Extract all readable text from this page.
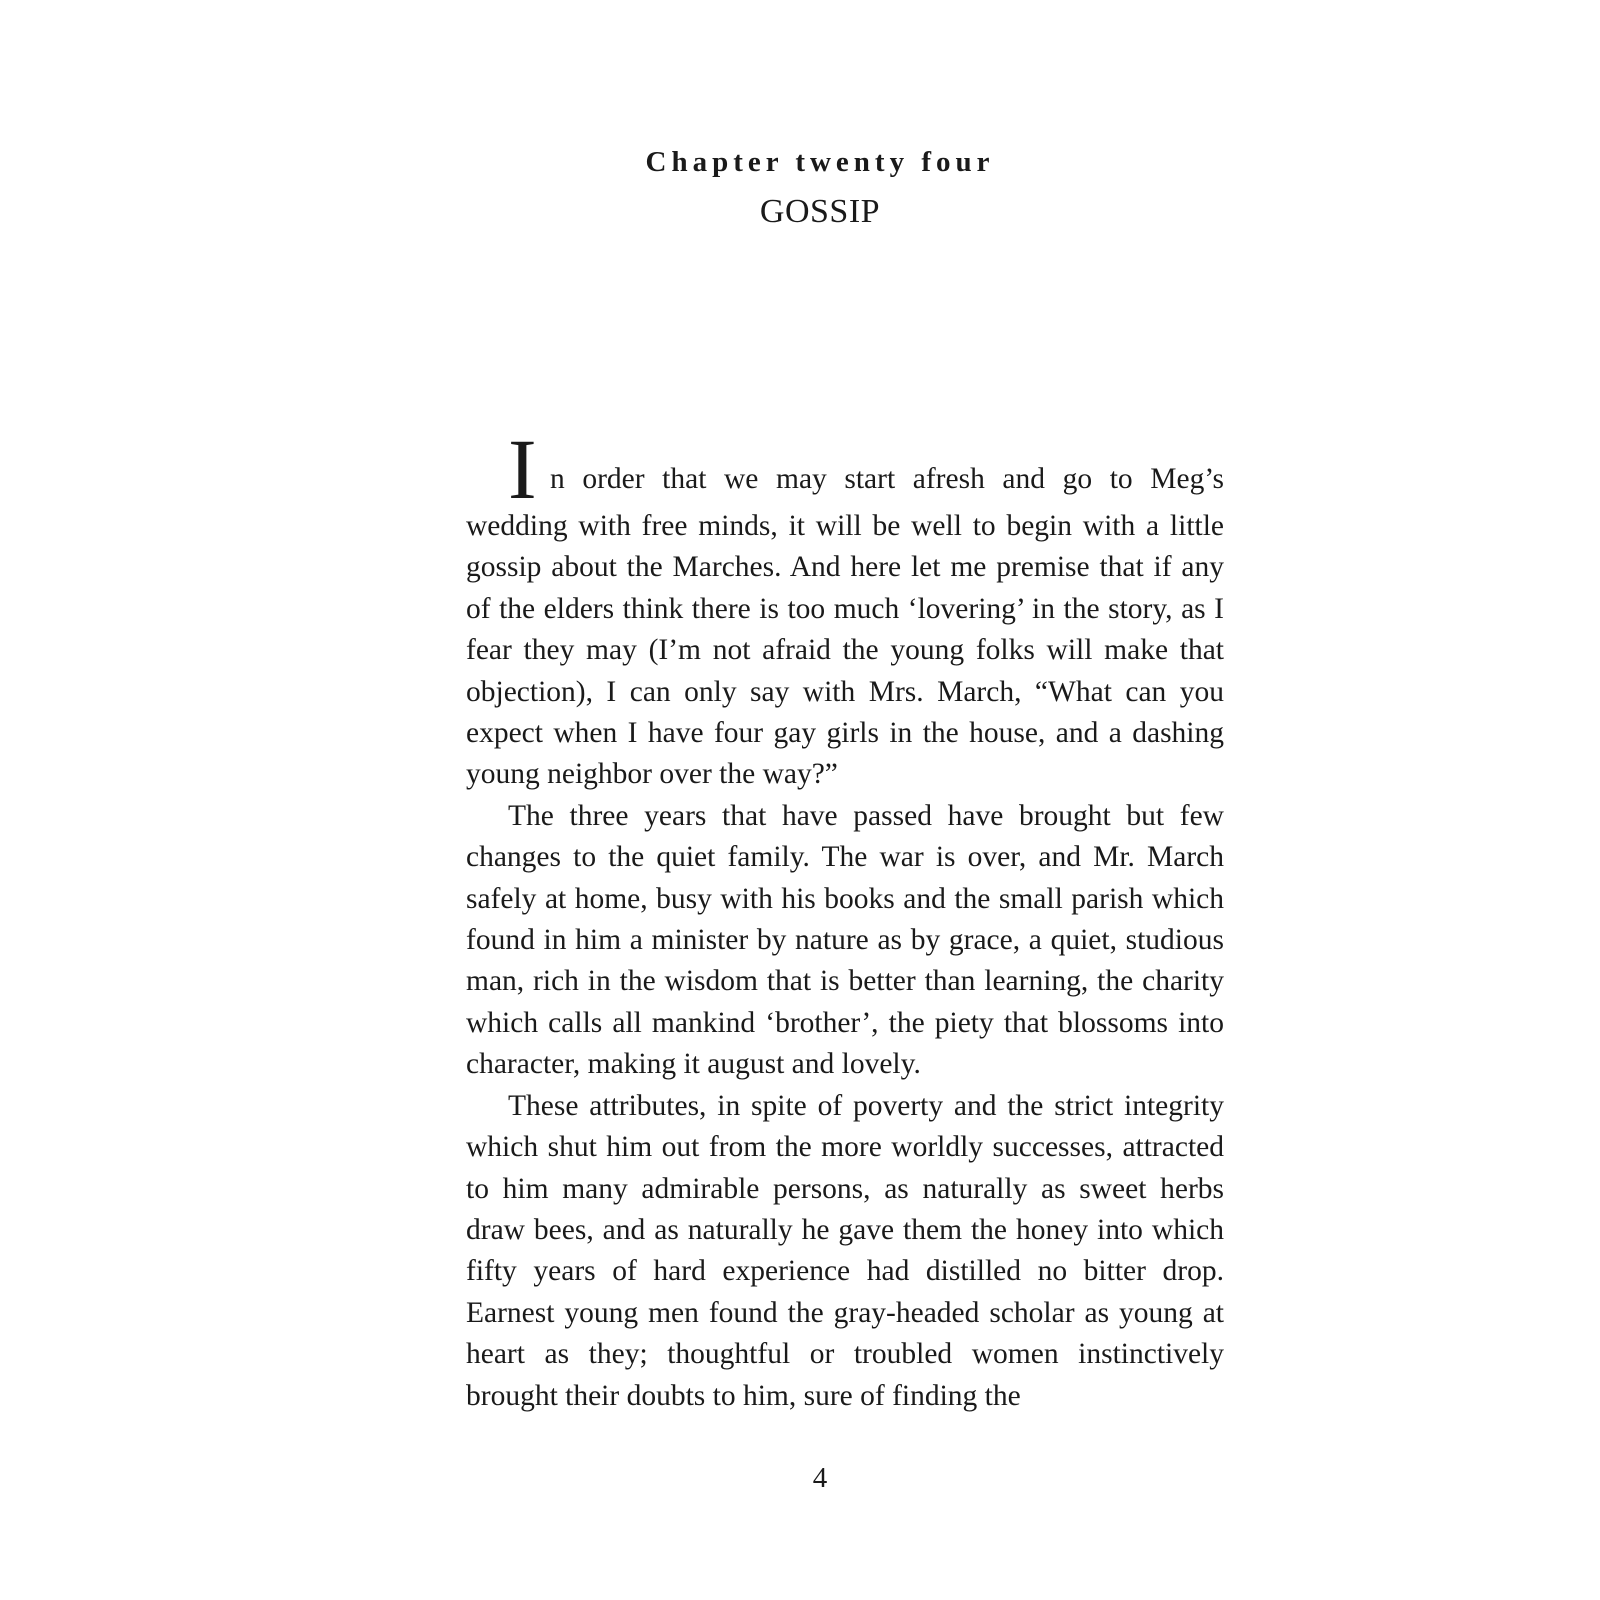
Chapter twenty four
GOSSIP
I n order that we may start afresh and go to Meg’s

wedding with free minds, it will be well to begin with a little gossip about the Marches. And here let me premise that if any of the elders think there is too much ‘lovering’ in the story, as I fear they may (I’m not afraid the young folks will make that objection), I can only say with Mrs. March, “What can you expect when I have four gay girls in the house, and a dashing young neighbor over the way?”

The three years that have passed have brought but few changes to the quiet family. The war is over, and Mr. March safely at home, busy with his books and the small parish which found in him a minister by nature as by grace, a quiet, studious man, rich in the wisdom that is better than learning, the charity which calls all mankind ‘brother’, the piety that blossoms into character, making it august and lovely.

These attributes, in spite of poverty and the strict integrity which shut him out from the more worldly successes, attracted to him many admirable persons, as naturally as sweet herbs draw bees, and as naturally he gave them the honey into which fifty years of hard experience had distilled no bitter drop. Earnest young men found the gray-headed scholar as young at heart as they; thoughtful or troubled women instinctively brought their doubts to him, sure of finding the

4
